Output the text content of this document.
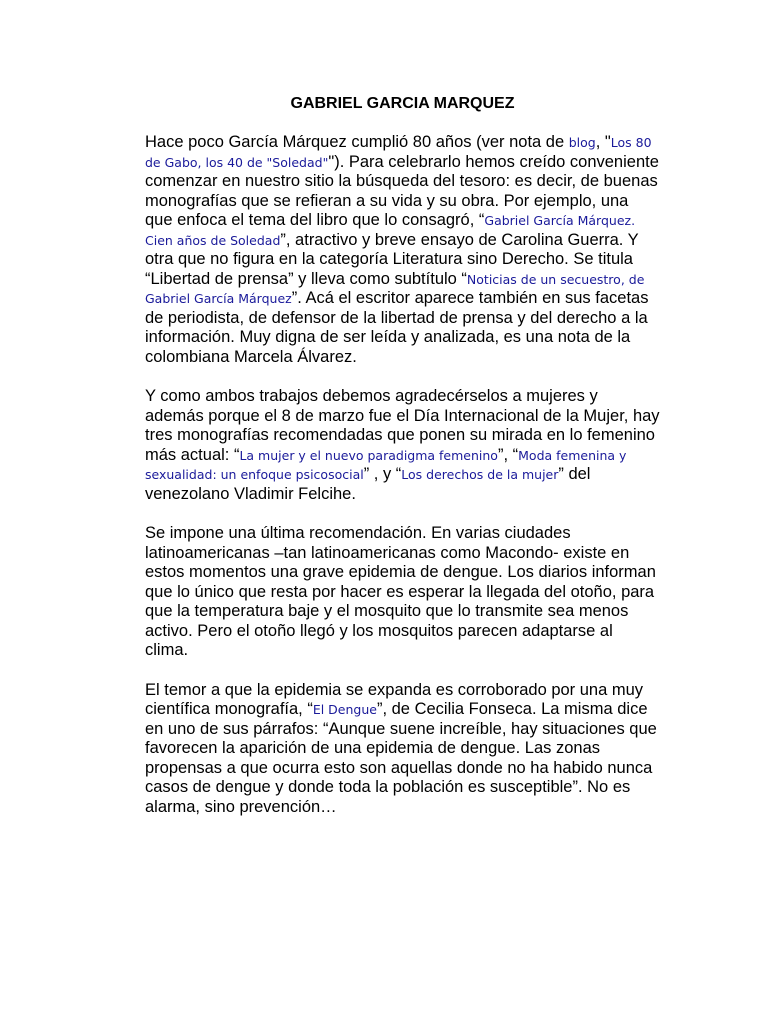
GABRIEL GARCIA MARQUEZ

Hace poco García Márquez cumplió 80 años (ver nota de blog, "Los 80 de Gabo, los 40 de "Soledad""). Para celebrarlo hemos creído conveniente comenzar en nuestro sitio la búsqueda del tesoro: es decir, de buenas monografías que se refieran a su vida y su obra. Por ejemplo, una que enfoca el tema del libro que lo consagró, “Gabriel García Márquez. Cien años de Soledad”, atractivo y breve ensayo de Carolina Guerra. Y otra que no figura en la categoría Literatura sino Derecho. Se titula “Libertad de prensa” y lleva como subtítulo “Noticias de un secuestro, de Gabriel García Márquez”. Acá el escritor aparece también en sus facetas de periodista, de defensor de la libertad de prensa y del derecho a la información. Muy digna de ser leída y analizada, es una nota de la colombiana Marcela Álvarez.

Y como ambos trabajos debemos agradecérselos a mujeres y además porque el 8 de marzo fue el Día Internacional de la Mujer, hay tres monografías recomendadas que ponen su mirada en lo femenino más actual: “La mujer y el nuevo paradigma femenino”, “Moda femenina y sexualidad: un enfoque psicosocial” , y “Los derechos de la mujer” del venezolano Vladimir Felcihe.

Se impone una última recomendación. En varias ciudades latinoamericanas –tan latinoamericanas como Macondo- existe en estos momentos una grave epidemia de dengue. Los diarios informan que lo único que resta por hacer es esperar la llegada del otoño, para que la temperatura baje y el mosquito que lo transmite sea menos activo. Pero el otoño llegó y los mosquitos parecen adaptarse al clima.

El temor a que la epidemia se expanda es corroborado por una muy científica monografía, “El Dengue”, de Cecilia Fonseca. La misma dice en uno de sus párrafos: “Aunque suene increíble, hay situaciones que favorecen la aparición de una epidemia de dengue. Las zonas propensas a que ocurra esto son aquellas donde no ha habido nunca casos de dengue y donde toda la población es susceptible”. No es alarma, sino prevención…
